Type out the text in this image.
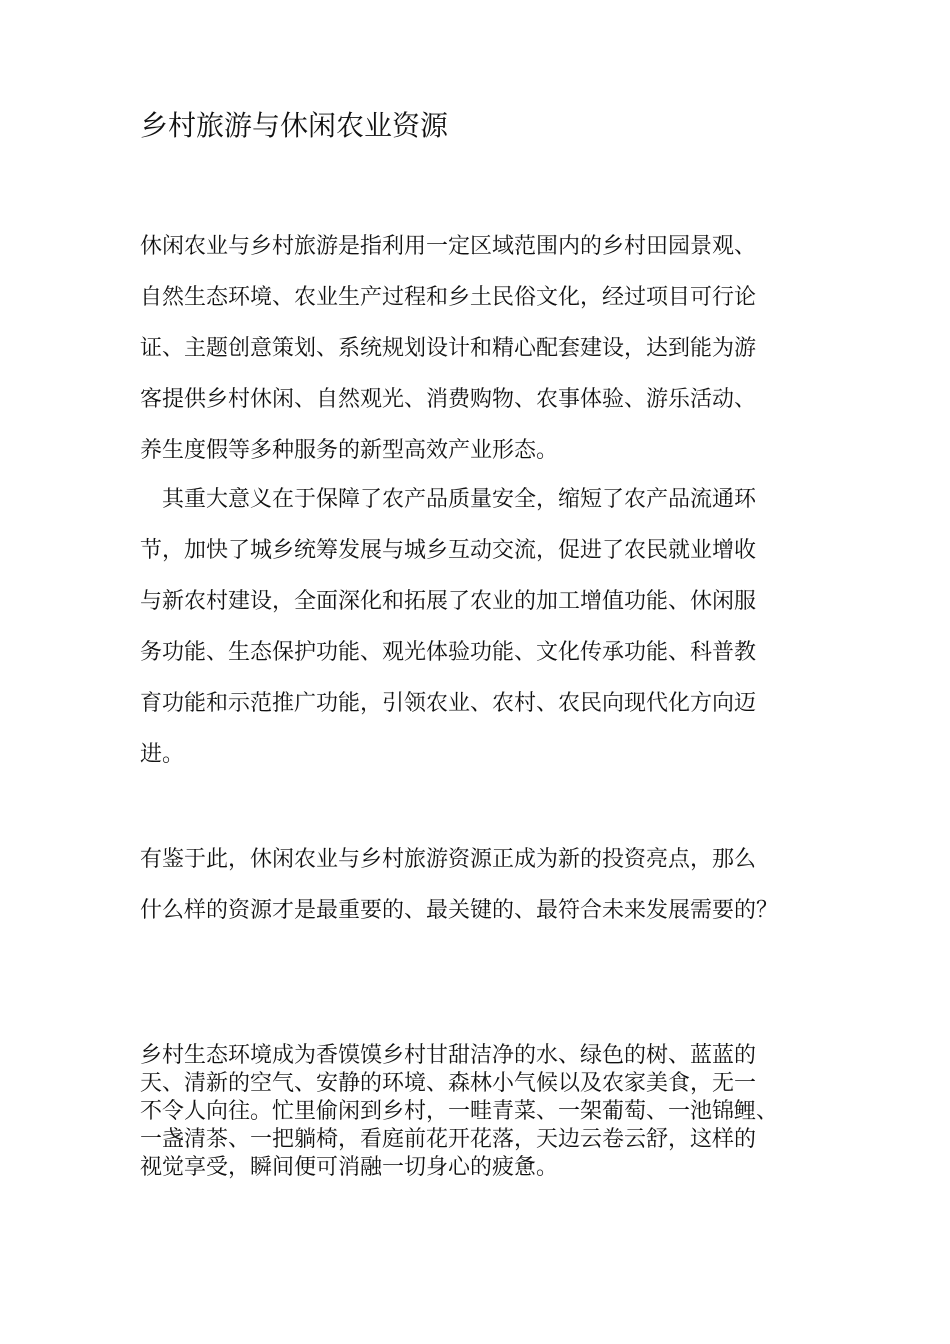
乡村旅游与休闲农业资源
休闲农业与乡村旅游是指利用一定区域范围内的乡村田园景观、
自然生态环境、农业生产过程和乡土民俗文化，经过项目可行论
证、主题创意策划、系统规划设计和精心配套建设，达到能为游
客提供乡村休闲、自然观光、消费购物、农事体验、游乐活动、
养生度假等多种服务的新型高效产业形态。
　其重大意义在于保障了农产品质量安全，缩短了农产品流通环
节，加快了城乡统筹发展与城乡互动交流，促进了农民就业增收
与新农村建设，全面深化和拓展了农业的加工增值功能、休闲服
务功能、生态保护功能、观光体验功能、文化传承功能、科普教
育功能和示范推广功能，引领农业、农村、农民向现代化方向迈
进。
有鉴于此，休闲农业与乡村旅游资源正成为新的投资亮点，那么
什么样的资源才是最重要的、最关键的、最符合未来发展需要的？
乡村生态环境成为香馍馍乡村甘甜洁净的水、绿色的树、蓝蓝的
天、清新的空气、安静的环境、森林小气候以及农家美食，无一
不令人向往。忙里偷闲到乡村，一畦青菜、一架葡萄、一池锦鲤、
一盏清茶、一把躺椅，看庭前花开花落，天边云卷云舒，这样的
视觉享受，瞬间便可消融一切身心的疲惫。
